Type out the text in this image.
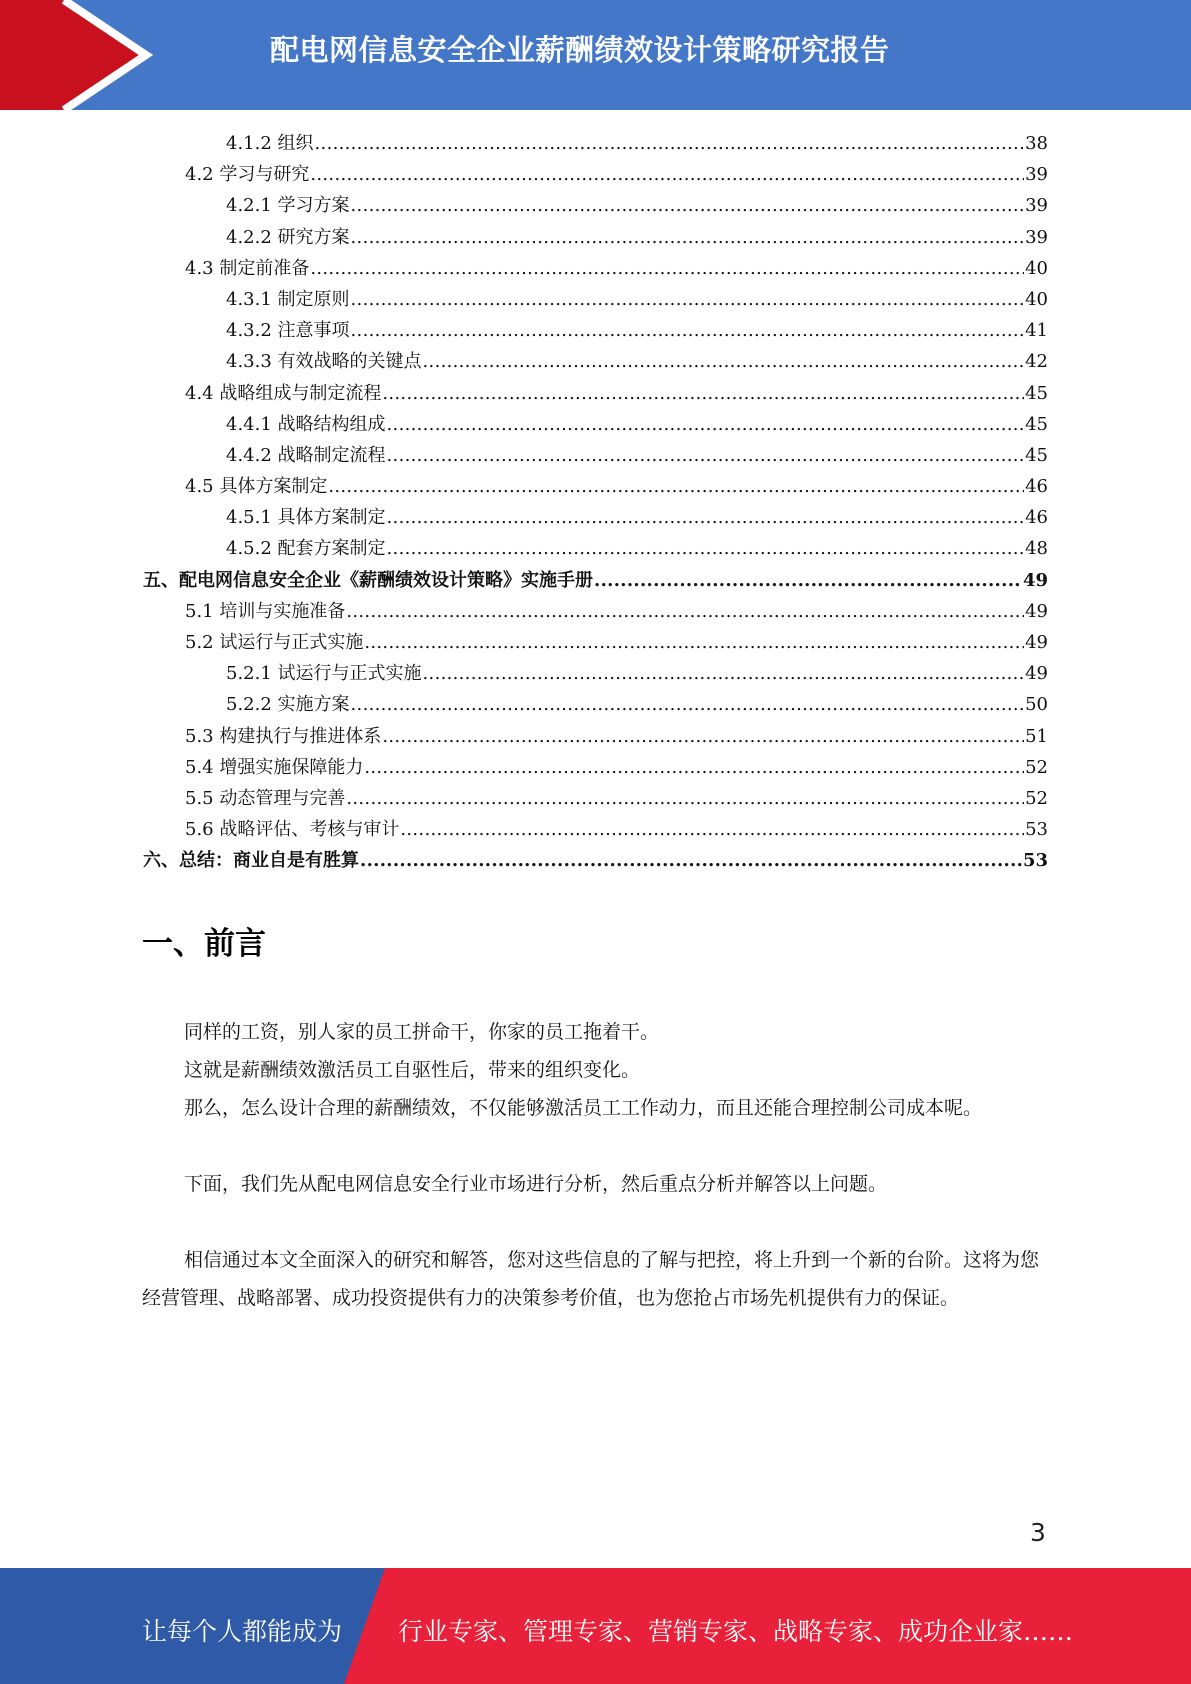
配电网信息安全企业薪酬绩效设计策略研究报告
4.1.2 组织 .....	38
4.2 学习与研究 .....	39
4.2.1 学习方案 .....	39
4.2.2 研究方案 .....	39
4.3 制定前准备 .....	40
4.3.1 制定原则 .....	40
4.3.2 注意事项 .....	41
4.3.3 有效战略的关键点 .....	42
4.4 战略组成与制定流程 .....	45
4.4.1 战略结构组成 .....	45
4.4.2 战略制定流程 .....	45
4.5 具体方案制定 .....	46
4.5.1 具体方案制定 .....	46
4.5.2 配套方案制定 .....	48
五、配电网信息安全企业《薪酬绩效设计策略》实施手册 .....	49
5.1 培训与实施准备 .....	49
5.2 试运行与正式实施 .....	49
5.2.1 试运行与正式实施 .....	49
5.2.2 实施方案 .....	50
5.3 构建执行与推进体系 .....	51
5.4 增强实施保障能力 .....	52
5.5 动态管理与完善 .....	52
5.6 战略评估、考核与审计 .....	53
六、总结：商业自是有胜算 .....	53
一、前言

同样的工资，别人家的员工拼命干，你家的员工拖着干。

这就是薪酬绩效激活员工自驱性后，带来的组织变化。

那么，怎么设计合理的薪酬绩效，不仅能够激活员工工作动力，而且还能合理控制公司成本呢。

下面，我们先从配电网信息安全行业市场进行分析，然后重点分析并解答以上问题。

相信通过本文全面深入的研究和解答，您对这些信息的了解与把控，将上升到一个新的台阶。这将为您经营管理、战略部署、成功投资提供有力的决策参考价值，也为您抢占市场先机提供有力的保证。

3
让每个人都能成为 行业专家、管理专家、营销专家、战略专家、成功企业家……
